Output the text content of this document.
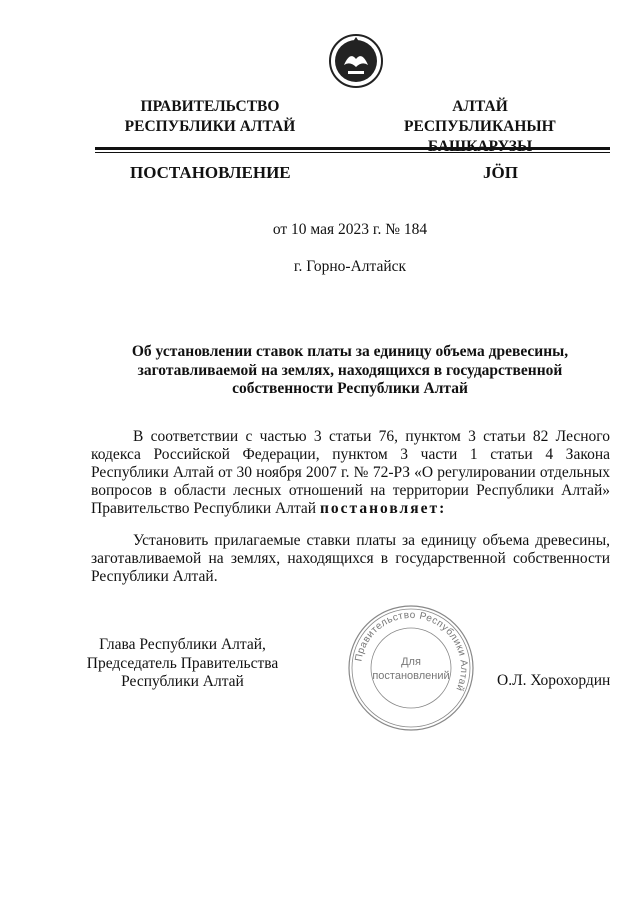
ПРАВИТЕЛЬСТВО
РЕСПУБЛИКИ АЛТАЙ
АЛТАЙ РЕСПУБЛИКАНЫҤ
ПОСТАНОВЛЕНИЕ	JÖП
от 10 мая 2023 г. № 184
г. Горно-Алтайск
Об установлении ставок платы за единицу объема древесины, заготавливаемой на землях, находящихся в государственной собственности Республики Алтай
В соответствии с частью 3 статьи 76, пунктом 3 статьи 82 Лесного кодекса Российской Федерации, пунктом 3 части 1 статьи 4 Закона Республики Алтай от 30 ноября 2007 г. № 72-РЗ «О регулировании отдельных вопросов в области лесных отношений на территории Республики Алтай» Правительство Республики Алтай постановляет:
Установить прилагаемые ставки платы за единицу объема древесины, заготавливаемой на землях, находящихся в государственной собственности Республики Алтай.
Глава Республики Алтай,
Председатель Правительства
Республики Алтай
Правительство Республики Алтай
Для
постановлений	О.Л. Хорохордин
